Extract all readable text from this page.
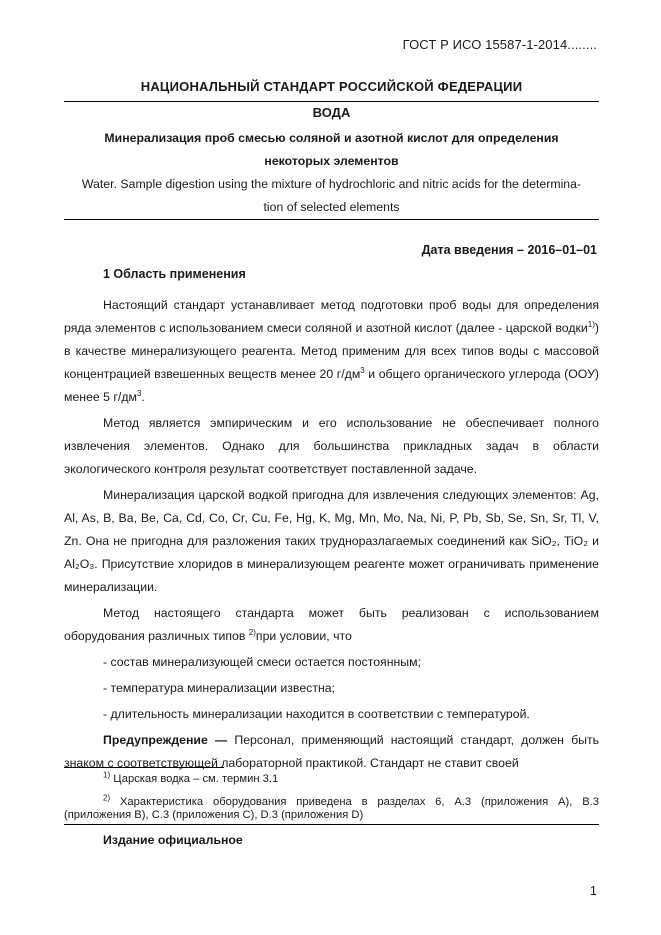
ГОСТ Р ИСО 15587-1-2014........
НАЦИОНАЛЬНЫЙ СТАНДАРТ РОССИЙСКОЙ ФЕДЕРАЦИИ
ВОДА
Минерализация проб смесью соляной и азотной кислот для определения
некоторых элементов
Water. Sample digestion using the mixture of hydrochloric and nitric acids for the determina-
tion of selected elements
Дата введения – 2016–01–01
1 Область применения

Настоящий стандарт устанавливает метод подготовки проб воды для определения ряда элементов с использованием смеси соляной и азотной кислот (далее - царской водки$^{1)}$) в качестве минерализующего реагента. Метод применим для всех типов воды с массовой концентрацией взвешенных веществ менее 20 $г/дм^3$ и общего органического углерода (ООУ) менее 5 $г/дм^3$.

Метод является эмпирическим и его использование не обеспечивает полного извлечения элементов. Однако для большинства прикладных задач в области экологического контроля результат соответствует поставленной задаче.

Минерализация царской водкой пригодна для извлечения следующих элементов: Ag, Al, As, B, Ba, Be, Ca, Cd, Co, Cr, Cu, Fe, Hg, K, Mg, Mn, Mo, Na, Ni, P, Pb, Sb, Se, Sn, Sr, Tl, V, Zn. Она не пригодна для разложения таких трудноразлагаемых соединений как SiO₂, TiO₂ и Al₂O₃. Присутствие хлоридов в минерализующем реагенте может ограничивать применение минерализации.

Метод настоящего стандарта может быть реализован с использованием оборудования различных типов $^{2)}$при условии, что

- состав минерализующей смеси остается постоянным;

- температура минерализации известна;

- длительность минерализации находится в соответствии с температурой.

Предупреждение — Персонал, применяющий настоящий стандарт, должен быть знаком с соответствующей лабораторной практикой. Стандарт не ставит своей

$^{1)}$ Царская водка – см. термин 3.1

$^{2)}$ Характеристика оборудования приведена в разделах 6, А.3 (приложения А), В.3 (приложения В), С.3 (приложения С), D.3 (приложения D)

Издание официальное
1
